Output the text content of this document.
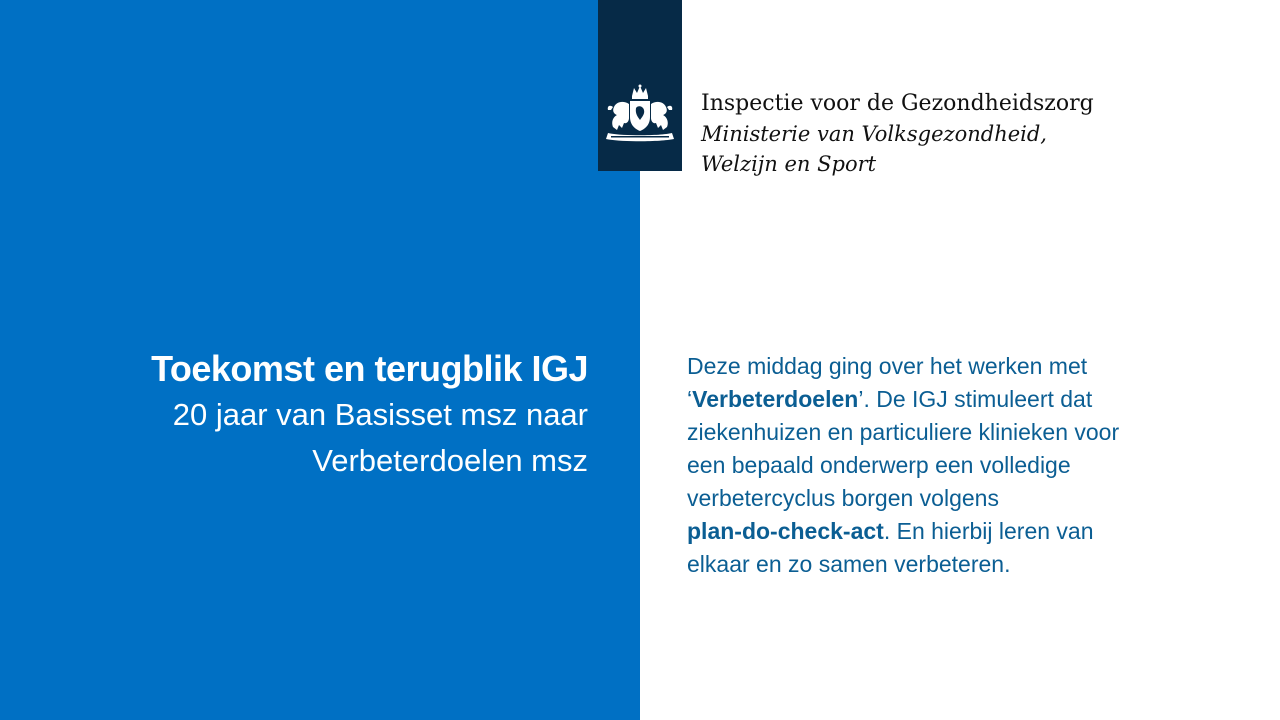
Inspectie voor de Gezondheidszorg
Ministerie van Volksgezondheid,
Welzijn en Sport
Toekomst en terugblik IGJ
20 jaar van Basisset msz naar
Verbeterdoelen msz
Deze middag ging over het werken met
‘Verbeterdoelen’. De IGJ stimuleert dat
ziekenhuizen en particuliere klinieken voor
een bepaald onderwerp een volledige
verbetercyclus borgen volgens
plan-do-check-act. En hierbij leren van
elkaar en zo samen verbeteren.
